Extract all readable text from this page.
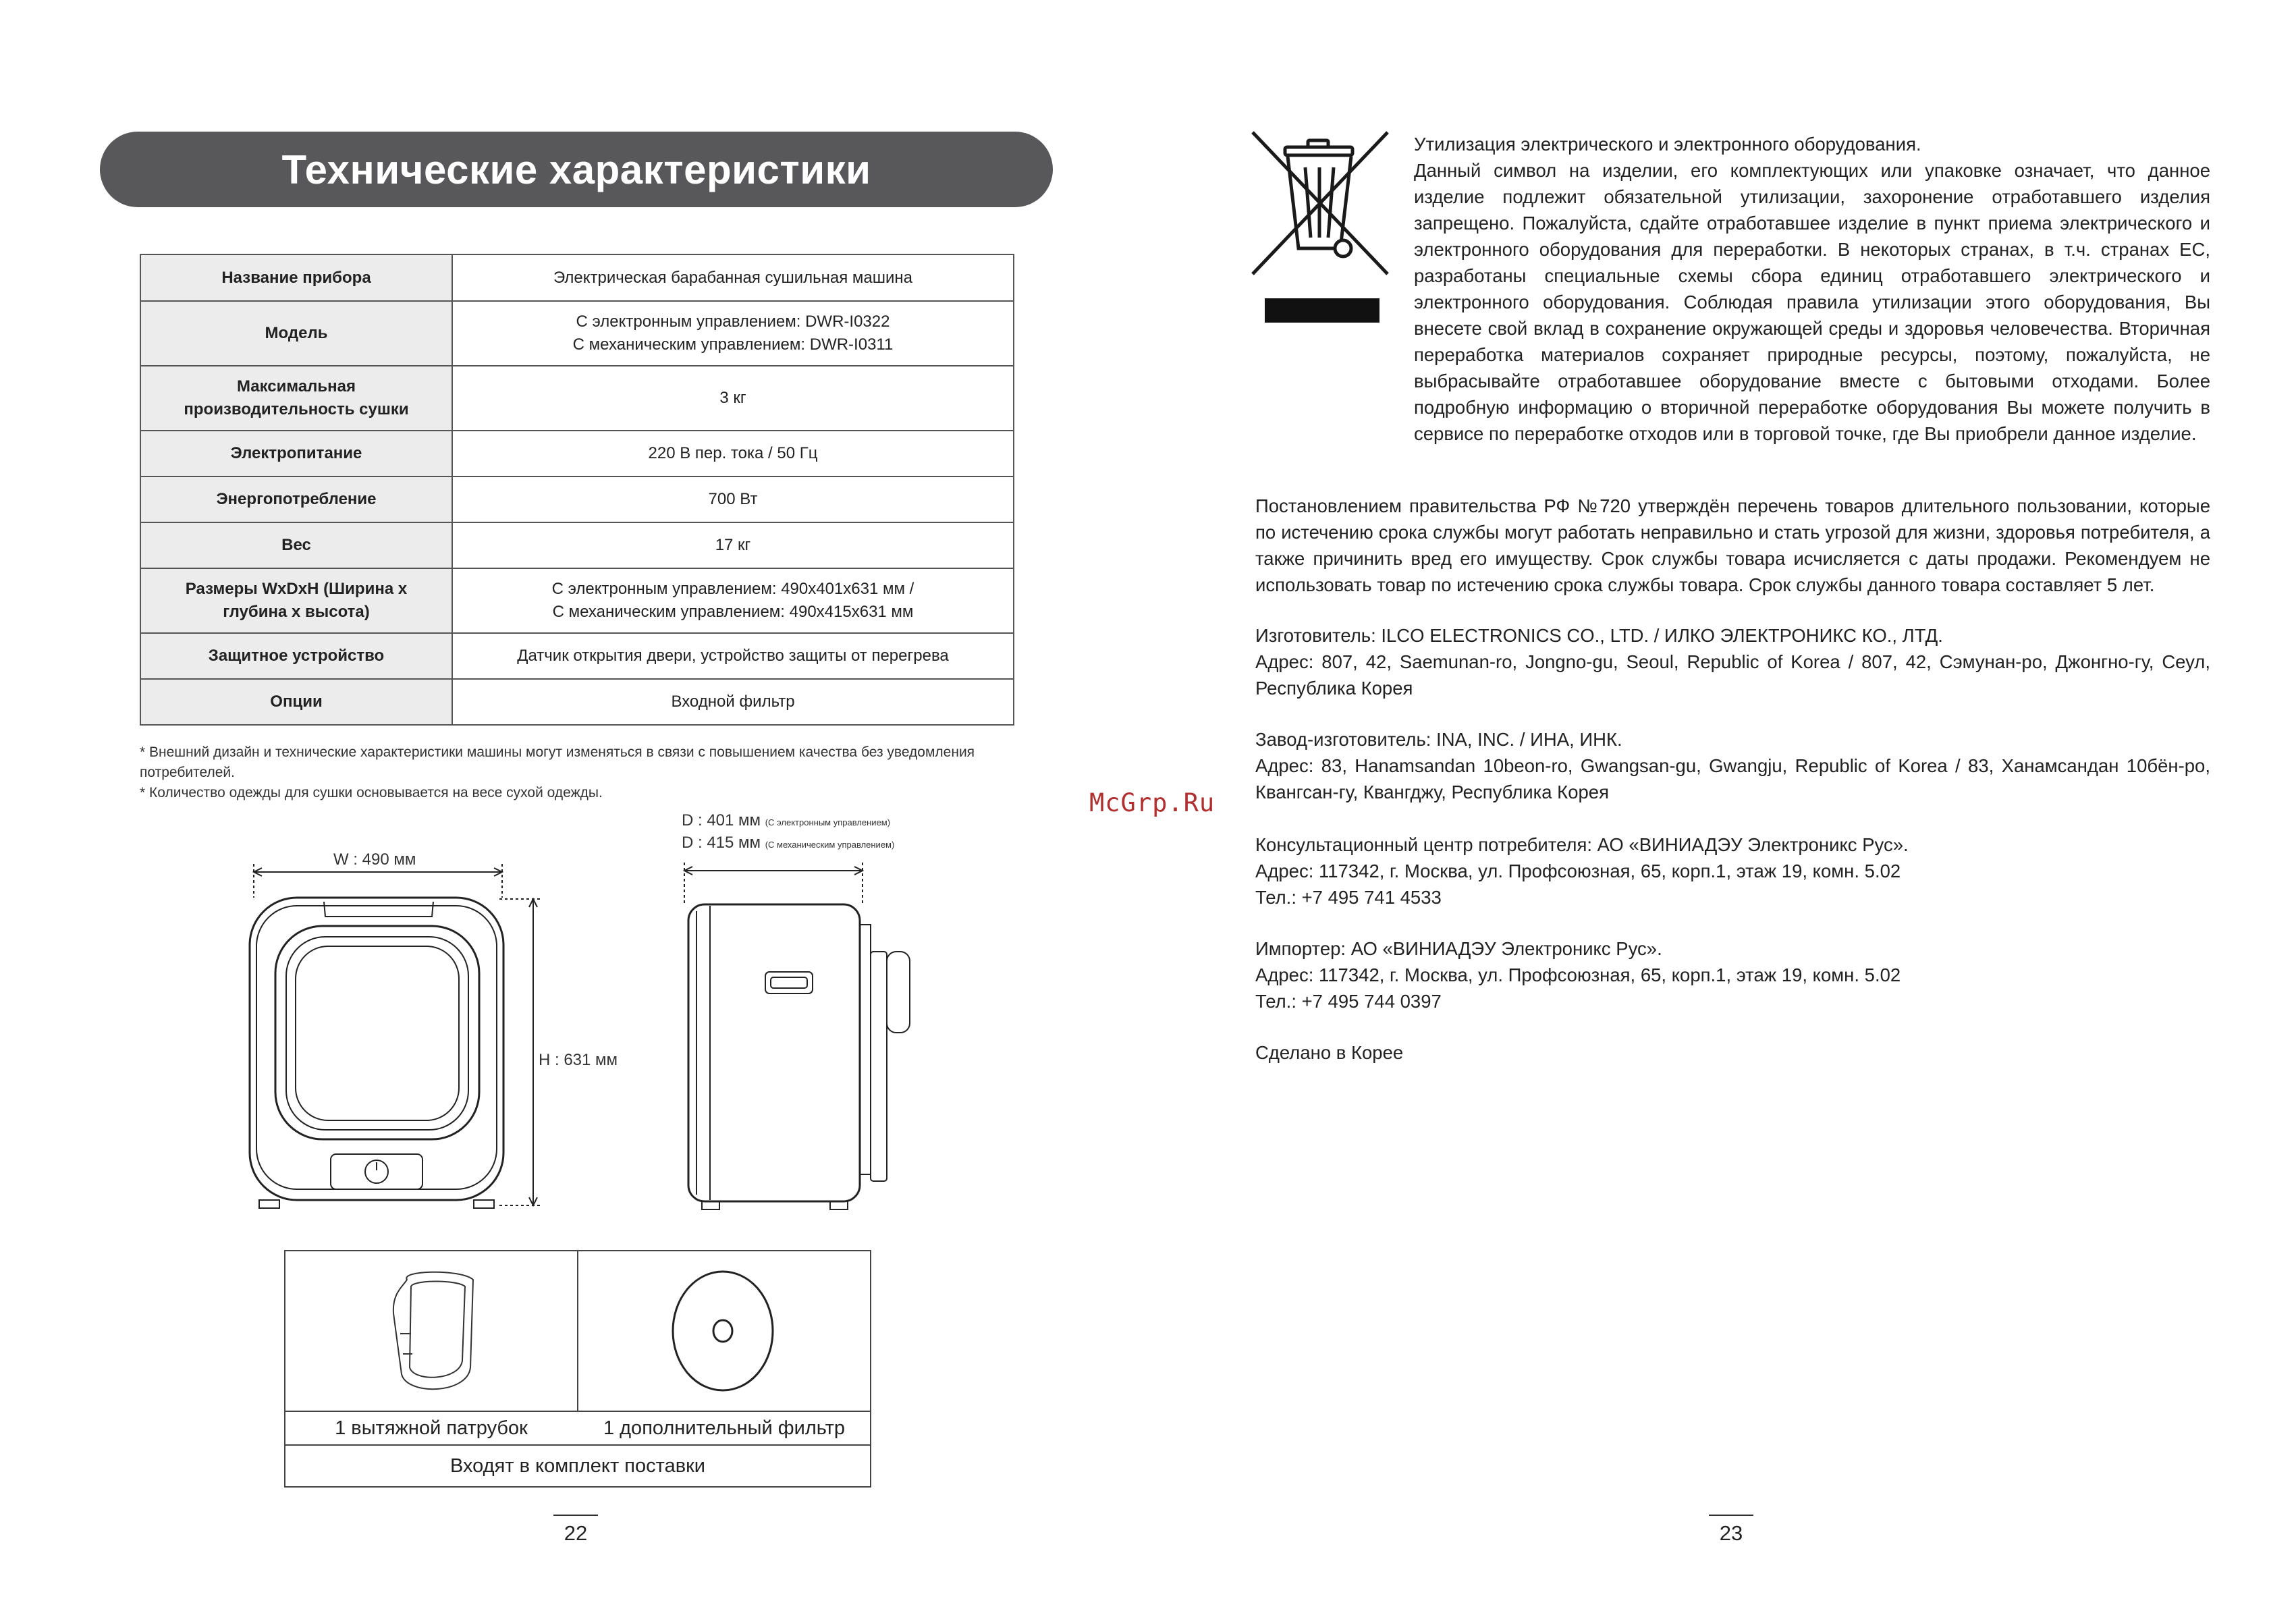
Технические характеристики
Название прибора	Электрическая барабанная сушильная машина
Модель	С электронным управлением: DWR-I0322
С механическим управлением: DWR-I0311
Максимальная
производительность сушки	3 кг
Электропитание	220 В пер. тока / 50 Гц
Энергопотребление	700 Вт
Вес	17 кг
Размеры WxDxH (Ширина x
глубина x высота)	С электронным управлением: 490x401x631 мм /
С механическим управлением: 490x415x631 мм
Защитное устройство	Датчик открытия двери, устройство защиты от перегрева
Опции	Входной фильтр
* Внешний дизайн и технические характеристики машины могут изменяться в связи с повышением качества без уведомления
потребителей.
* Количество одежды для сушки основывается на весе сухой одежды.
D : 401 мм (С электронным управлением)
D : 415 мм (С механическим управлением)
W : 490 мм
H : 631 мм
1 вытяжной патрубок	1 дополнительный фильтр
Входят в комплект поставки
22
McGrp.Ru
Утилизация электрического и электронного оборудования.
Данный символ на изделии, его комплектующих или упаковке означает, что данное изделие подлежит обязательной утилизации, захоронение отработавшего изделия запрещено. Пожалуйста, сдайте отработавшее изделие в пункт приема электрического и электронного оборудования для переработки. В некоторых странах, в т.ч. странах ЕС, разработаны специальные схемы сбора единиц отработавшего электрического и электронного оборудования. Соблюдая правила утилизации этого оборудования, Вы внесете свой вклад в сохранение окружающей среды и здоровья человечества. Вторичная переработка материалов сохраняет природные ресурсы, поэтому, пожалуйста, не выбрасывайте отработавшее оборудование вместе с бытовыми отходами. Более подробную информацию о вторичной переработке оборудования Вы можете получить в сервисе по переработке отходов или в торговой точке, где Вы приобрели данное изделие.
Постановлением правительства РФ №720 утверждён перечень товаров длительного пользовании, которые по истечению срока службы могут работать неправильно и стать угрозой для жизни, здоровья потребителя, а также причинить вред его имуществу. Срок службы товара исчисляется с даты продажи. Рекомендуем не использовать товар по истечению срока службы товара. Срок службы данного товара составляет 5 лет.

Изготовитель: ILCO ELECTRONICS CO., LTD. / ИЛКО ЭЛЕКТРОНИКС КО., ЛТД.

Адрес: 807, 42, Saemunan-ro, Jongno-gu, Seoul, Republic of Korea / 807, 42, Сэмунан-ро, Джонгно-гу, Сеул, Республика Корея

Завод-изготовитель: INA, INC. / ИНА, ИНК.

Адрес: 83, Hanamsandan 10beon-ro, Gwangsan-gu, Gwangju, Republic of Korea / 83, Ханамсандан 10бён-ро, Квангсан-гу, Квангджу, Республика Корея

Консультационный центр потребителя: АО «ВИНИАДЭУ Электроникс Рус».

Адрес: 117342, г. Москва, ул. Профсоюзная, 65, корп.1, этаж 19, комн. 5.02

Тел.: +7 495 741 4533

Импортер: АО «ВИНИАДЭУ Электроникс Рус».

Адрес: 117342, г. Москва, ул. Профсоюзная, 65, корп.1, этаж 19, комн. 5.02

Тел.: +7 495 744 0397

Сделано в Корее
23
